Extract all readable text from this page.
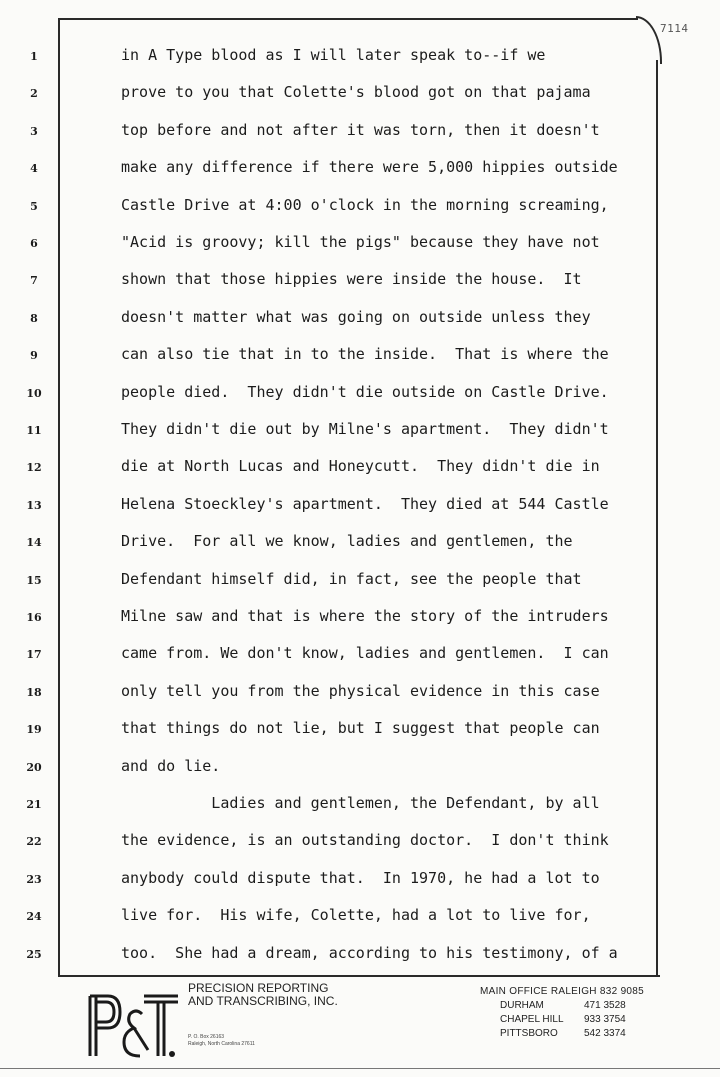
7114
1	in A Type blood as I will later speak to--if we
2	prove to you that Colette's blood got on that pajama
3	top before and not after it was torn, then it doesn't
4	make any difference if there were 5,000 hippies outside
5	Castle Drive at 4:00 o'clock in the morning screaming,
6	"Acid is groovy; kill the pigs" because they have not
7	shown that those hippies were inside the house.  It
8	doesn't matter what was going on outside unless they
9	can also tie that in to the inside.  That is where the
10	people died.  They didn't die outside on Castle Drive.
11	They didn't die out by Milne's apartment.  They didn't
12	die at North Lucas and Honeycutt.  They didn't die in
13	Helena Stoeckley's apartment.  They died at 544 Castle
14	Drive.  For all we know, ladies and gentlemen, the
15	Defendant himself did, in fact, see the people that
16	Milne saw and that is where the story of the intruders
17	came from. We don't know, ladies and gentlemen.  I can
18	only tell you from the physical evidence in this case
19	that things do not lie, but I suggest that people can
20	and do lie.
21	Ladies and gentlemen, the Defendant, by all
22	the evidence, is an outstanding doctor.  I don't think
23	anybody could dispute that.  In 1970, he had a lot to
24	live for.  His wife, Colette, had a lot to live for,
25	too.  She had a dream, according to his testimony, of a
P&T	PRECISION REPORTING
AND TRANSCRIBING, INC.
P. O. Box 26163
Raleigh, North Carolina 27611
MAIN OFFICE RALEIGH 832 9085
DURHAM	471 3528
CHAPEL HILL 933 3754
PITTSBORO	542 3374
